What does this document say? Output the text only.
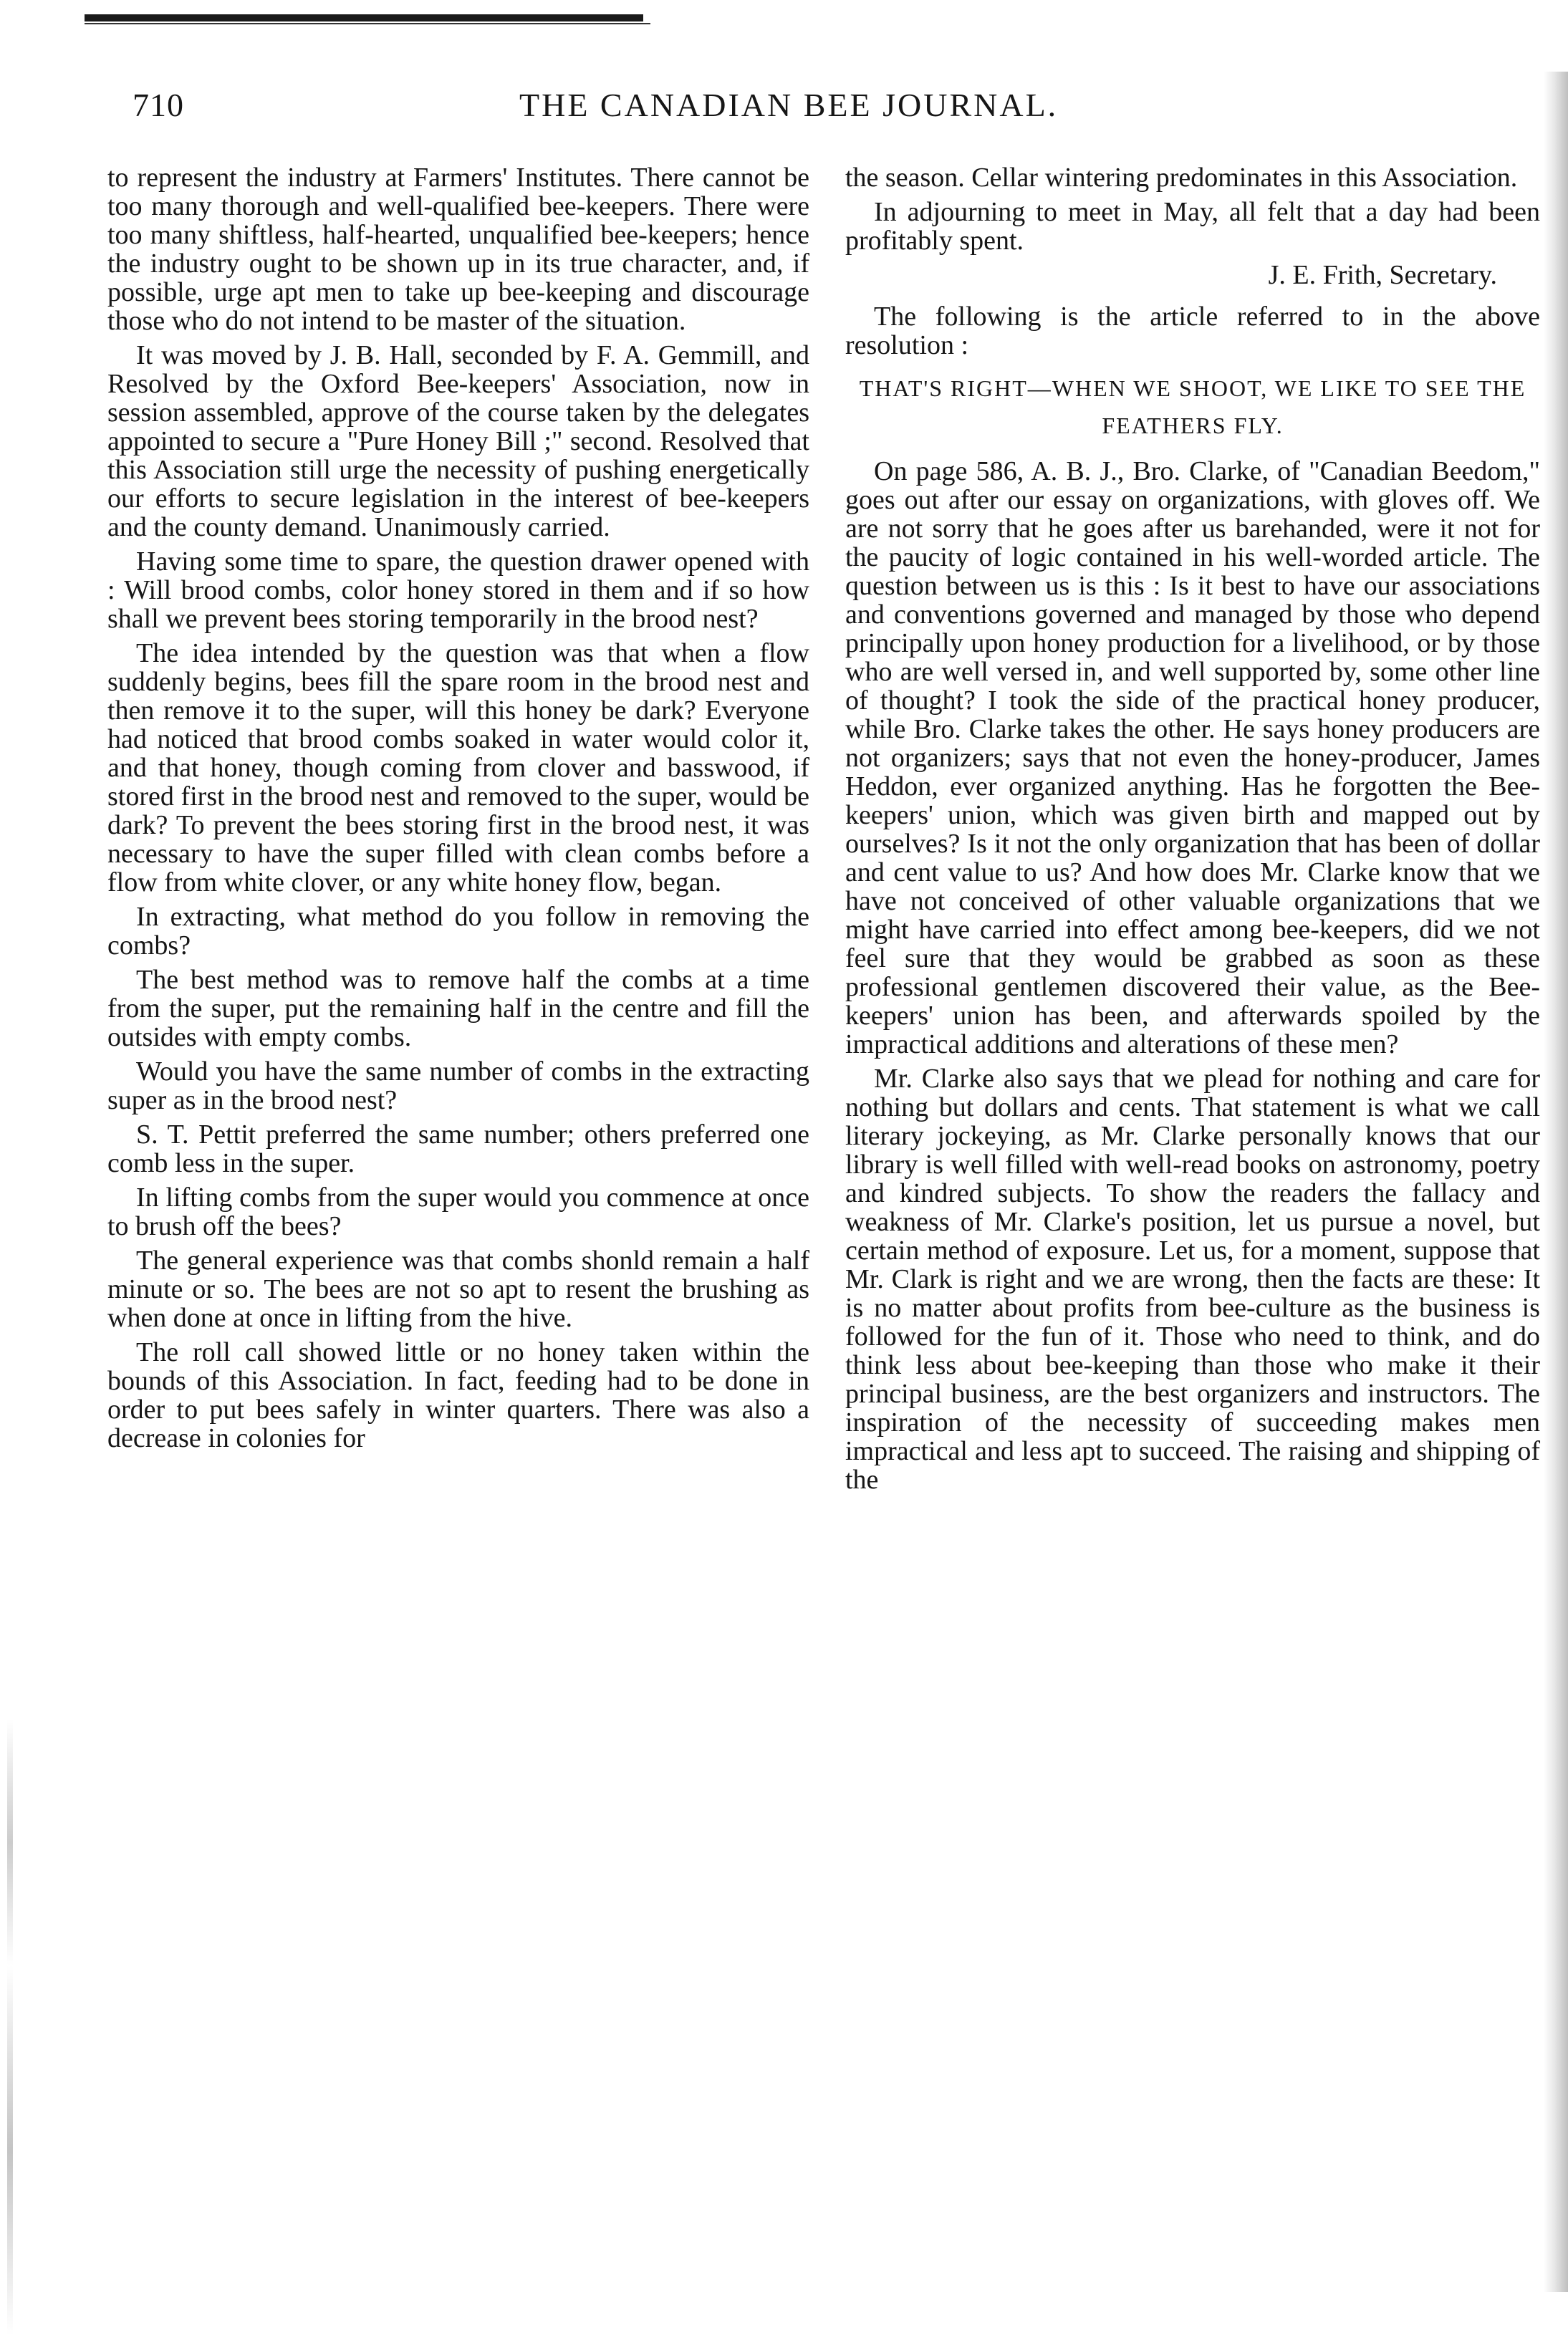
710	THE CANADIAN BEE JOURNAL.

to represent the industry at Farmers' Institutes. There cannot be too many thorough and well-qualified bee-keepers. There were too many shiftless, half-hearted, unqualified bee-keepers; hence the industry ought to be shown up in its true character, and, if possible, urge apt men to take up bee-keeping and discourage those who do not intend to be master of the situation.

It was moved by J. B. Hall, seconded by F. A. Gemmill, and Resolved by the Oxford Bee-keepers' Association, now in session assembled, approve of the course taken by the delegates appointed to secure a "Pure Honey Bill ;" second. Resolved that this Association still urge the necessity of pushing energetically our efforts to secure legislation in the interest of bee-keepers and the county demand. Unanimously carried.

Having some time to spare, the question drawer opened with : Will brood combs, color honey stored in them and if so how shall we prevent bees storing temporarily in the brood nest?

The idea intended by the question was that when a flow suddenly begins, bees fill the spare room in the brood nest and then remove it to the super, will this honey be dark? Everyone had noticed that brood combs soaked in water would color it, and that honey, though coming from clover and basswood, if stored first in the brood nest and removed to the super, would be dark? To prevent the bees storing first in the brood nest, it was necessary to have the super filled with clean combs before a flow from white clover, or any white honey flow, began.

In extracting, what method do you follow in removing the combs?

The best method was to remove half the combs at a time from the super, put the remaining half in the centre and fill the outsides with empty combs.

Would you have the same number of combs in the extracting super as in the brood nest?

S. T. Pettit preferred the same number; others preferred one comb less in the super.

In lifting combs from the super would you commence at once to brush off the bees?

The general experience was that combs shonld remain a half minute or so. The bees are not so apt to resent the brushing as when done at once in lifting from the hive.

The roll call showed little or no honey taken within the bounds of this Association. In fact, feeding had to be done in order to put bees safely in winter quarters. There was also a decrease in colonies for

the season. Cellar wintering predominates in this Association.

In adjourning to meet in May, all felt that a day had been profitably spent.

J. E. Frith, Secretary.

The following is the article referred to in the above resolution :

THAT'S RIGHT—WHEN WE SHOOT, WE LIKE TO SEE THE FEATHERS FLY.

On page 586, A. B. J., Bro. Clarke, of "Canadian Beedom," goes out after our essay on organizations, with gloves off. We are not sorry that he goes after us barehanded, were it not for the paucity of logic contained in his well-worded article. The question between us is this : Is it best to have our associations and conventions governed and managed by those who depend principally upon honey production for a livelihood, or by those who are well versed in, and well supported by, some other line of thought? I took the side of the practical honey producer, while Bro. Clarke takes the other. He says honey producers are not organizers; says that not even the honey-producer, James Heddon, ever organized anything. Has he forgotten the Bee-keepers' union, which was given birth and mapped out by ourselves? Is it not the only organization that has been of dollar and cent value to us? And how does Mr. Clarke know that we have not conceived of other valuable organizations that we might have carried into effect among bee-keepers, did we not feel sure that they would be grabbed as soon as these professional gentlemen discovered their value, as the Bee-keepers' union has been, and afterwards spoiled by the impractical additions and alterations of these men?

Mr. Clarke also says that we plead for nothing and care for nothing but dollars and cents. That statement is what we call literary jockeying, as Mr. Clarke personally knows that our library is well filled with well-read books on astronomy, poetry and kindred subjects. To show the readers the fallacy and weakness of Mr. Clarke's position, let us pursue a novel, but certain method of exposure. Let us, for a moment, suppose that Mr. Clark is right and we are wrong, then the facts are these: It is no matter about profits from bee-culture as the business is followed for the fun of it. Those who need to think, and do think less about bee-keeping than those who make it their principal business, are the best organizers and instructors. The inspiration of the necessity of succeeding makes men impractical and less apt to succeed. The raising and shipping of the
